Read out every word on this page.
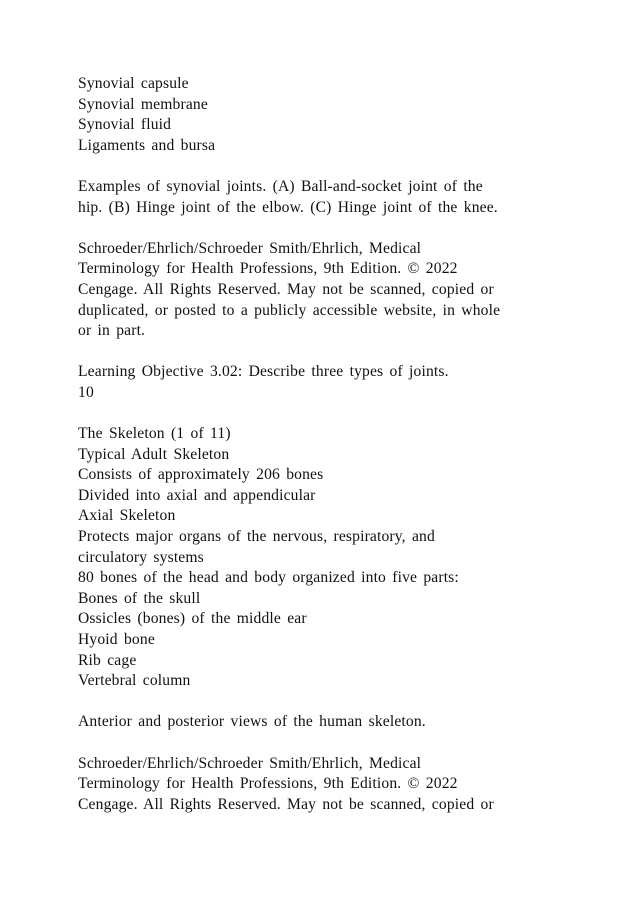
Synovial capsule
Synovial membrane
Synovial fluid
Ligaments and bursa
Examples of synovial joints. (A) Ball-and-socket joint of the
hip. (B) Hinge joint of the elbow. (C) Hinge joint of the knee.
Schroeder/Ehrlich/Schroeder Smith/Ehrlich, Medical
Terminology for Health Professions, 9th Edition. © 2022
Cengage. All Rights Reserved. May not be scanned, copied or
duplicated, or posted to a publicly accessible website, in whole
or in part.
Learning Objective 3.02: Describe three types of joints.
10
The Skeleton (1 of 11)
Typical Adult Skeleton
Consists of approximately 206 bones
Divided into axial and appendicular
Axial Skeleton
Protects major organs of the nervous, respiratory, and
circulatory systems
80 bones of the head and body organized into five parts:
Bones of the skull
Ossicles (bones) of the middle ear
Hyoid bone
Rib cage
Vertebral column
Anterior and posterior views of the human skeleton.
Schroeder/Ehrlich/Schroeder Smith/Ehrlich, Medical
Terminology for Health Professions, 9th Edition. © 2022
Cengage. All Rights Reserved. May not be scanned, copied or
